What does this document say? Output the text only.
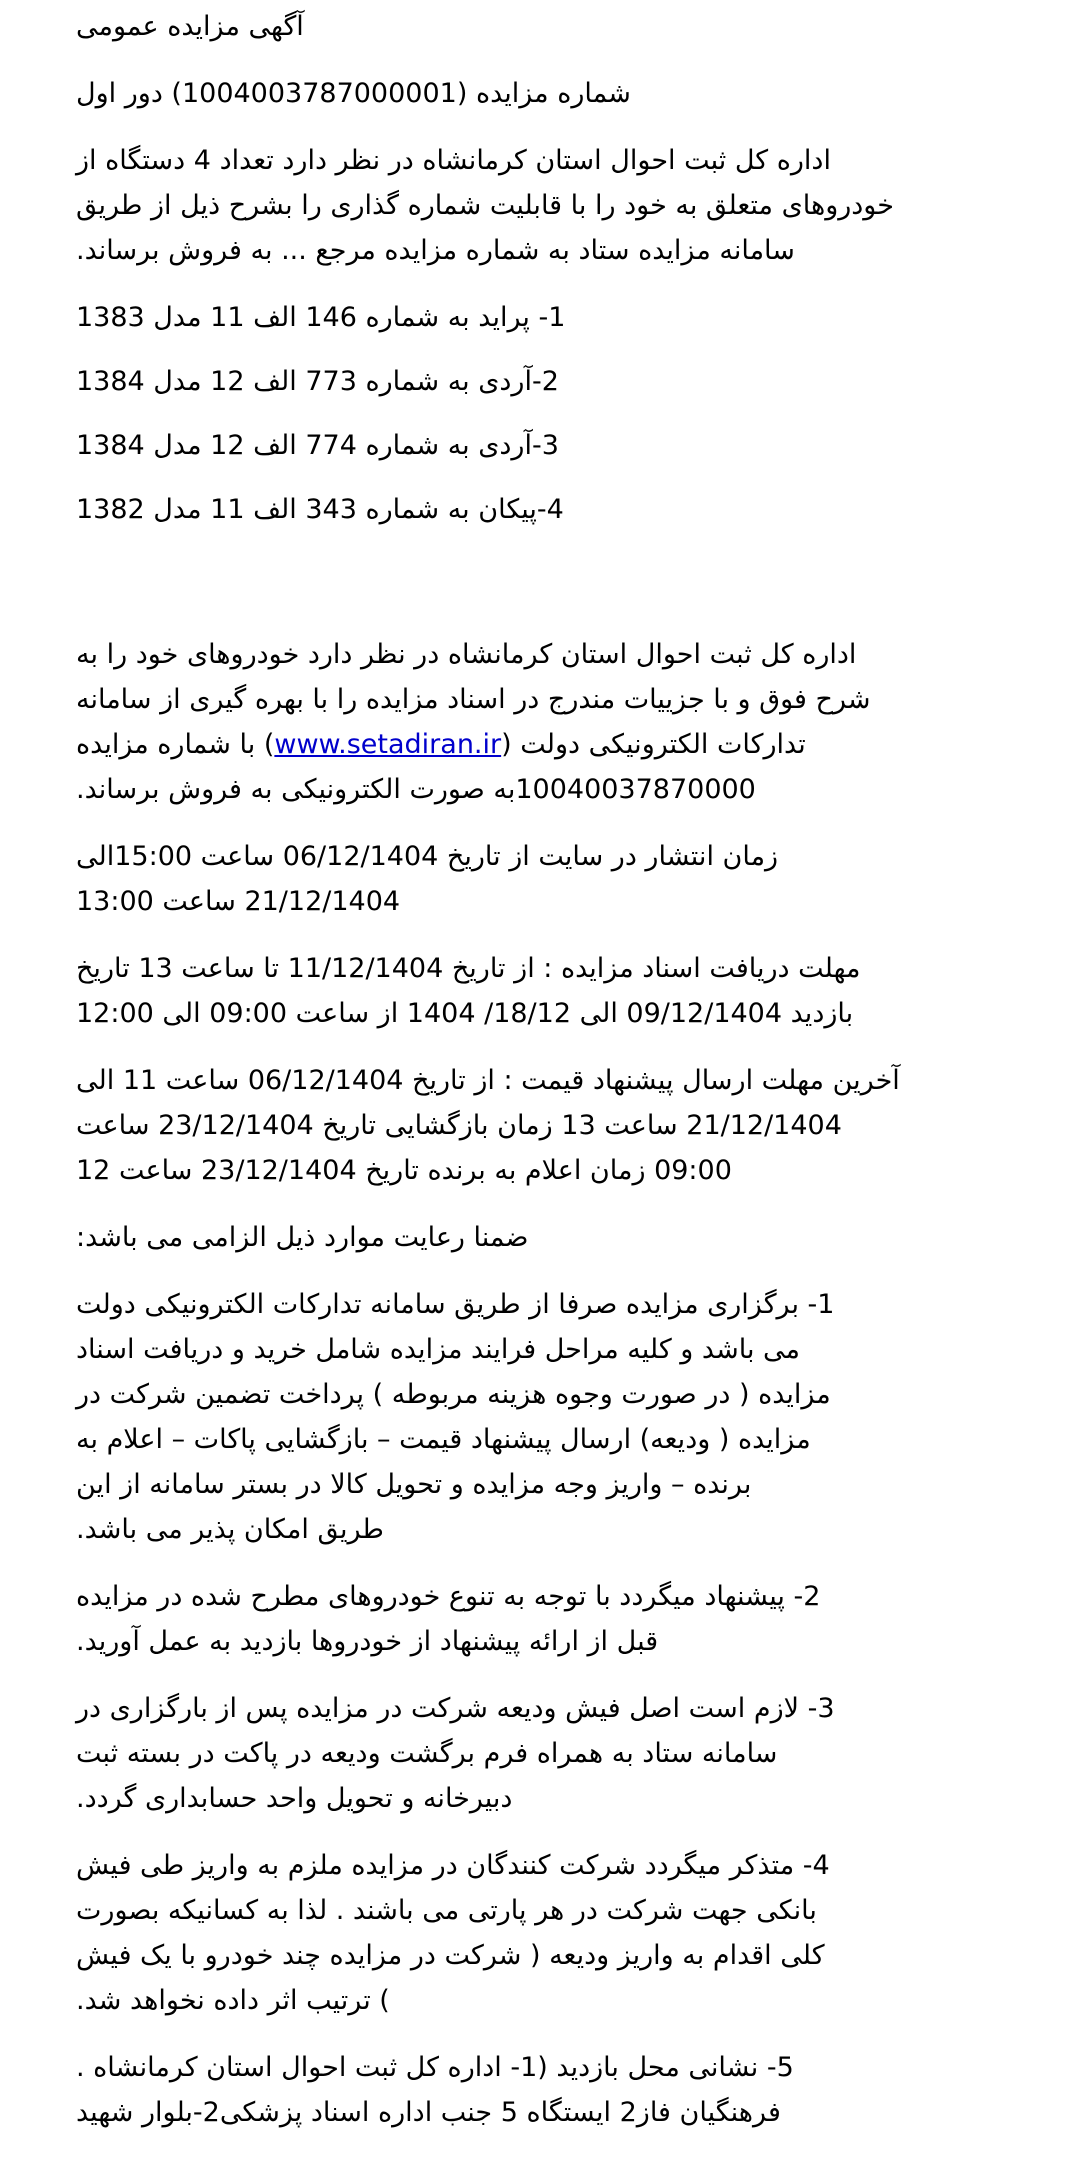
آگهی مزایده عمومی
شماره مزایده (1004003787000001) دور اول
اداره کل ثبت احوال استان کرمانشاه در نظر دارد تعداد 4 دستگاه از
خودروهای متعلق به خود را با قابلیت شماره گذاری را بشرح ذیل از طریق
سامانه مزایده ستاد به شماره مزایده مرجع ... به فروش برساند.
1- پراید به شماره 146 الف 11 مدل 1383
2-آردی به شماره 773 الف 12 مدل 1384
3-آردی به شماره 774 الف 12 مدل 1384
4-پیکان به شماره 343 الف 11 مدل 1382
اداره کل ثبت احوال استان کرمانشاه در نظر دارد خودروهای خود را به
شرح فوق و با جزییات مندرج در اسناد مزایده را با بهره گیری از سامانه
تدارکات الکترونیکی دولت (www.setadiran.ir) با شماره مزایده
10040037870000به صورت الکترونیکی به فروش برساند.
زمان انتشار در سایت از تاریخ 06/12/1404 ساعت 15:00الی
21/12/1404 ساعت 13:00
مهلت دریافت اسناد مزایده : از تاریخ 11/12/1404 تا ساعت 13 تاریخ
بازدید 09/12/1404 الی 18/12/ 1404 از ساعت 09:00 الی 12:00
آخرین مهلت ارسال پیشنهاد قیمت : از تاریخ 06/12/1404 ساعت 11 الی
21/12/1404 ساعت 13 زمان بازگشایی تاریخ 23/12/1404 ساعت
09:00 زمان اعلام به برنده تاریخ 23/12/1404 ساعت 12
ضمنا رعایت موارد ذیل الزامی می باشد:
1- برگزاری مزایده صرفا از طریق سامانه تدارکات الکترونیکی دولت
می باشد و کلیه مراحل فرایند مزایده شامل خرید و دریافت اسناد
مزایده ( در صورت وجوه هزینه مربوطه ) پرداخت تضمین شرکت در
مزایده ( ودیعه) ارسال پیشنهاد قیمت – بازگشایی پاکات – اعلام به
برنده – واریز وجه مزایده و تحویل کالا در بستر سامانه از این
طریق امکان پذیر می باشد.
2- پیشنهاد میگردد با توجه به تنوع خودروهای مطرح شده در مزایده
قبل از ارائه پیشنهاد از خودروها بازدید به عمل آورید.
3- لازم است اصل فیش ودیعه شرکت در مزایده پس از بارگزاری در
سامانه ستاد به همراه فرم برگشت ودیعه در پاکت در بسته ثبت
دبیرخانه و تحویل واحد حسابداری گردد.
4- متذکر میگردد شرکت کنندگان در مزایده ملزم به واریز طی فیش
بانکی جهت شرکت در هر پارتی می باشند . لذا به کسانیکه بصورت
کلی اقدام به واریز ودیعه ( شرکت در مزایده چند خودرو با یک فیش
) ترتیب اثر داده نخواهد شد.
5- نشانی محل بازدید (1- اداره کل ثبت احوال استان کرمانشاه .
فرهنگیان فاز2 ایستگاه 5 جنب اداره اسناد پزشکی2-بلوار شهید
